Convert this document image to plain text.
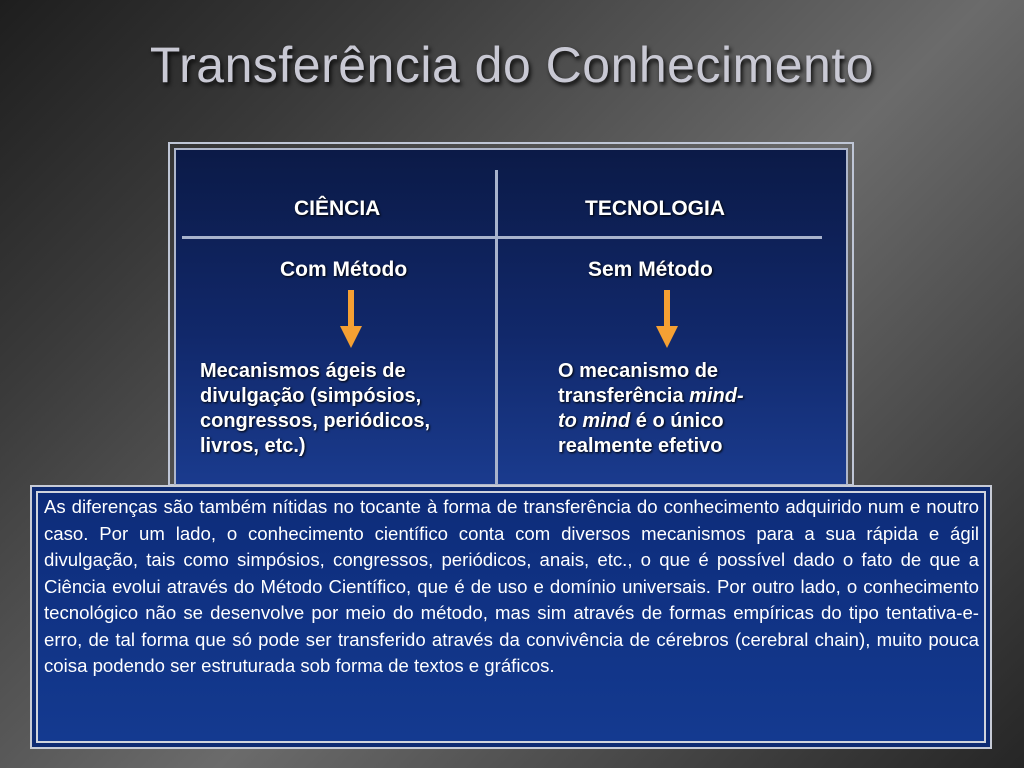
Transferência do Conhecimento
CIÊNCIA	TECNOLOGIA
Com Método	Sem Método
Mecanismos ágeis de
divulgação (simpósios,
congressos, periódicos,
livros, etc.)
O mecanismo de
transferência mind-
to mind é o único
realmente efetivo
As diferenças são também nítidas no tocante à forma de transferência do conhecimento adquirido num e noutro caso. Por um lado, o conhecimento científico conta com diversos mecanismos para a sua rápida e ágil divulgação, tais como simpósios, congressos, periódicos, anais, etc., o que é possível dado o fato de que a Ciência evolui através do Método Científico, que é de uso e domínio universais. Por outro lado, o conhecimento tecnológico não se desenvolve por meio do método, mas sim através de formas empíricas do tipo tentativa-e-erro, de tal forma que só pode ser transferido através da convivência de cérebros (cerebral chain), muito pouca coisa podendo ser estruturada sob forma de textos e gráficos.
